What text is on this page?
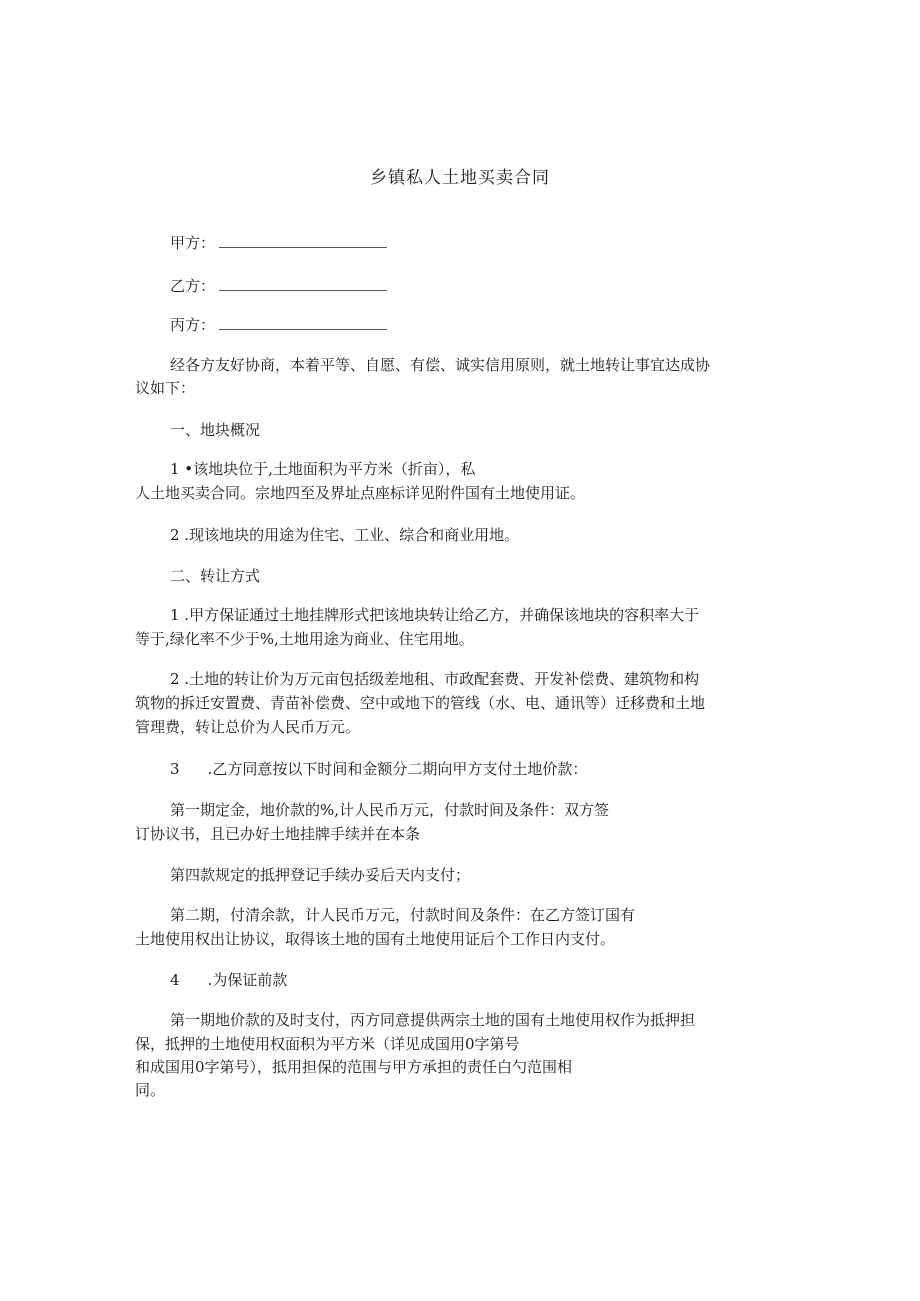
乡镇私人土地买卖合同
甲方：
乙方：
丙方：
经各方友好协商，本着平等、自愿、有偿、诚实信用原则，就土地转让事宜达成协
议如下：
一、地块概况
1 •该地块位于,土地面积为平方米（折亩），私
人土地买卖合同。宗地四至及界址点座标详见附件国有土地使用证。
2 .现该地块的用途为住宅、工业、综合和商业用地。
二、转让方式
1 .甲方保证通过土地挂牌形式把该地块转让给乙方，并确保该地块的容积率大于
等于,绿化率不少于%,土地用途为商业、住宅用地。
2 .土地的转让价为万元亩包括级差地租、市政配套费、开发补偿费、建筑物和构
筑物的拆迁安置费、青苗补偿费、空中或地下的管线（水、电、通讯等）迁移费和土地
管理费，转让总价为人民币万元。
3 .乙方同意按以下时间和金额分二期向甲方支付土地价款：
第一期定金，地价款的%,计人民币万元，付款时间及条件：双方签
订协议书，且已办好土地挂牌手续并在本条
第四款规定的抵押登记手续办妥后天内支付；
第二期，付清余款，计人民币万元，付款时间及条件：在乙方签订国有
土地使用权出让协议，取得该土地的国有土地使用证后个工作日内支付。
4 .为保证前款
第一期地价款的及时支付，丙方同意提供两宗土地的国有土地使用权作为抵押担
保，抵押的土地使用权面积为平方米（详见成国用0字第号
和成国用0字第号），抵用担保的范围与甲方承担的责任白勺范围相
同。
